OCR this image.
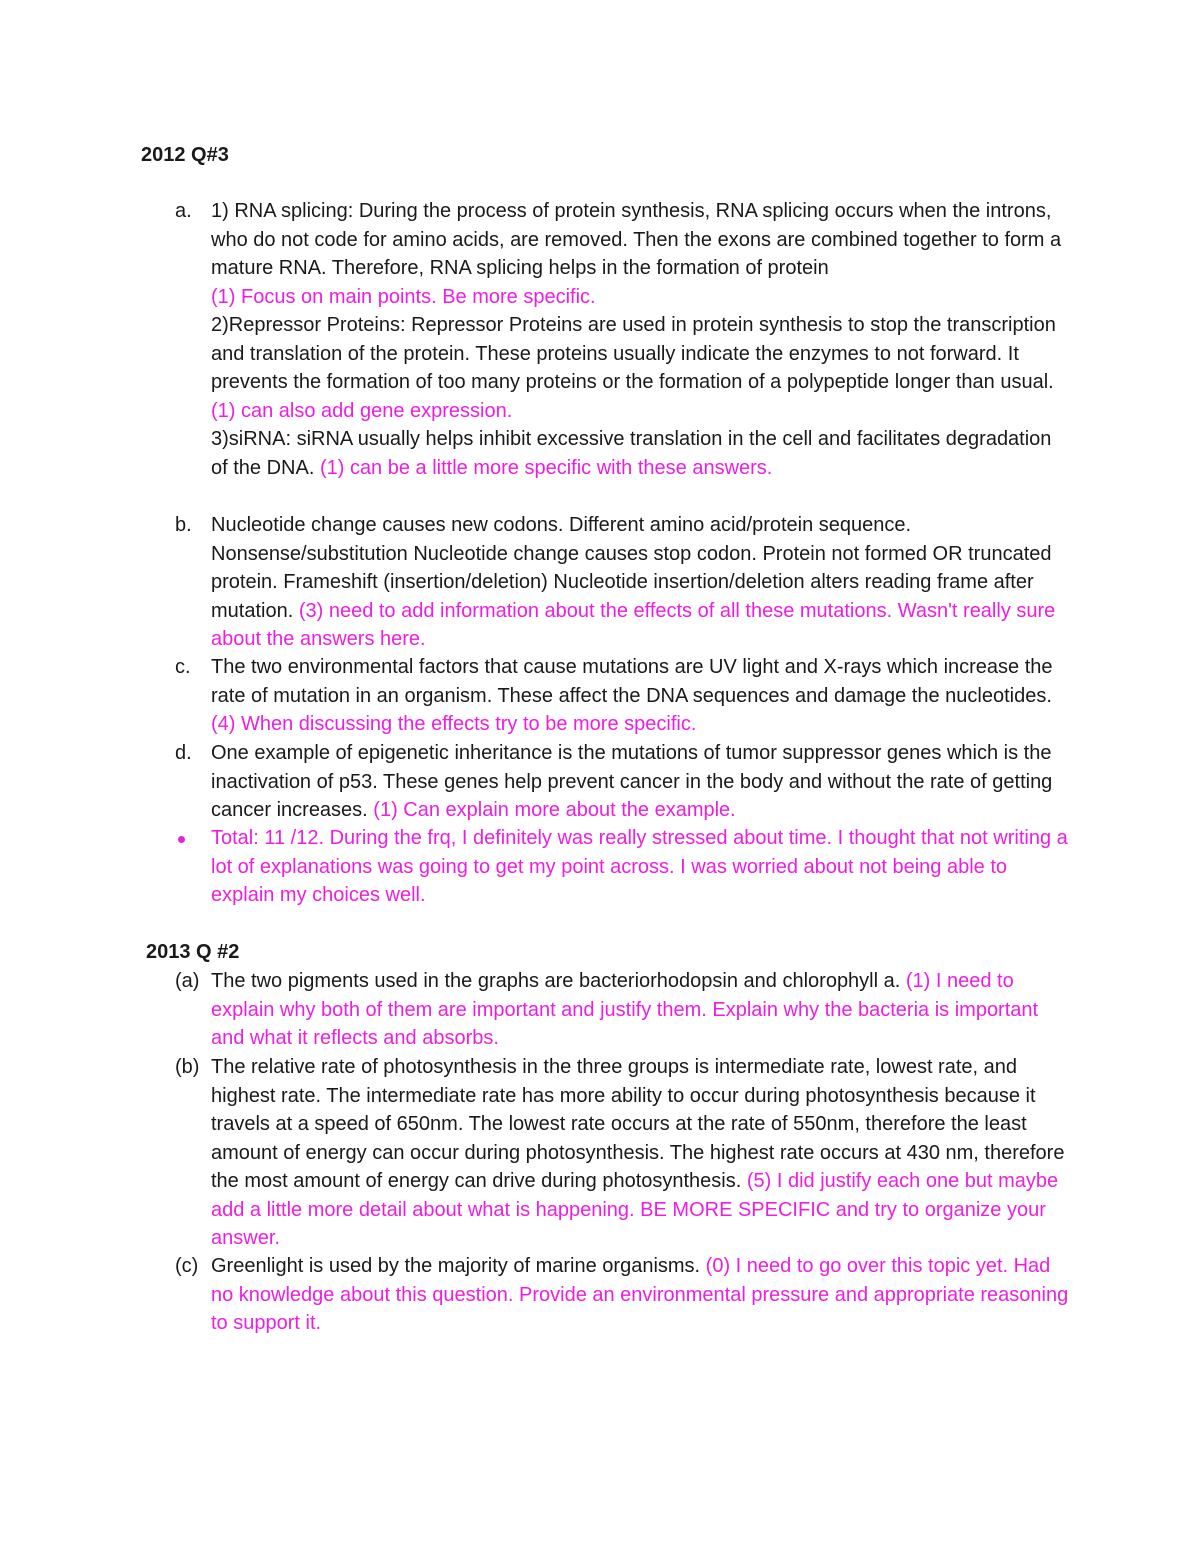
2012 Q#3
a. 1) RNA splicing: During the process of protein synthesis, RNA splicing occurs when the introns, who do not code for amino acids, are removed. Then the exons are combined together to form a mature RNA. Therefore, RNA splicing helps in the formation of protein
(1) Focus on main points. Be more specific.
2)Repressor Proteins: Repressor Proteins are used in protein synthesis to stop the transcription and translation of the protein. These proteins usually indicate the enzymes to not forward. It prevents the formation of too many proteins or the formation of a polypeptide longer than usual. (1) can also add gene expression.
3)siRNA: siRNA usually helps inhibit excessive translation in the cell and facilitates degradation of the DNA. (1) can be a little more specific with these answers.
b. Nucleotide change causes new codons. Different amino acid/protein sequence. Nonsense/substitution Nucleotide change causes stop codon. Protein not formed OR truncated protein. Frameshift (insertion/deletion) Nucleotide insertion/deletion alters reading frame after mutation. (3) need to add information about the effects of all these mutations. Wasn't really sure about the answers here.
c. The two environmental factors that cause mutations are UV light and X-rays which increase the rate of mutation in an organism. These affect the DNA sequences and damage the nucleotides. (4) When discussing the effects try to be more specific.
d. One example of epigenetic inheritance is the mutations of tumor suppressor genes which is the inactivation of p53. These genes help prevent cancer in the body and without the rate of getting cancer increases. (1) Can explain more about the example.
Total: 11 /12. During the frq, I definitely was really stressed about time. I thought that not writing a lot of explanations was going to get my point across. I was worried about not being able to explain my choices well.
2013 Q #2
(a) The two pigments used in the graphs are bacteriorhodopsin and chlorophyll a. (1) I need to explain why both of them are important and justify them. Explain why the bacteria is important and what it reflects and absorbs.
(b) The relative rate of photosynthesis in the three groups is intermediate rate, lowest rate, and highest rate. The intermediate rate has more ability to occur during photosynthesis because it travels at a speed of 650nm. The lowest rate occurs at the rate of 550nm, therefore the least amount of energy can occur during photosynthesis. The highest rate occurs at 430 nm, therefore the most amount of energy can drive during photosynthesis. (5) I did justify each one but maybe add a little more detail about what is happening. BE MORE SPECIFIC and try to organize your answer.
(c) Greenlight is used by the majority of marine organisms. (0) I need to go over this topic yet. Had no knowledge about this question. Provide an environmental pressure and appropriate reasoning to support it.
